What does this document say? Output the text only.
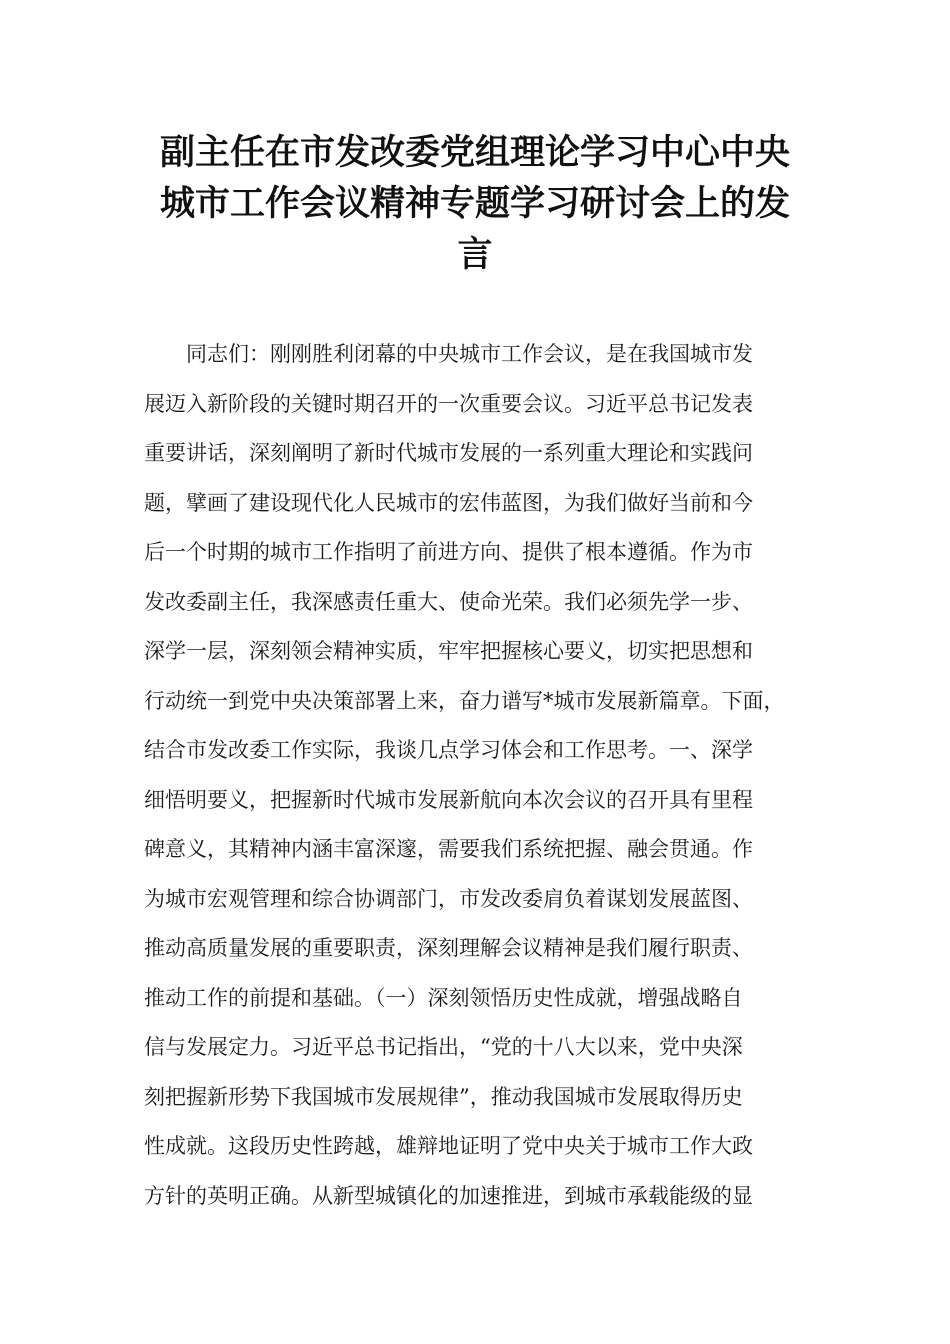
副主任在市发改委党组理论学习中心中央
城市工作会议精神专题学习研讨会上的发
言
　　同志们：刚刚胜利闭幕的中央城市工作会议，是在我国城市发
展迈入新阶段的关键时期召开的一次重要会议。习近平总书记发表
重要讲话，深刻阐明了新时代城市发展的一系列重大理论和实践问
题，擘画了建设现代化人民城市的宏伟蓝图，为我们做好当前和今
后一个时期的城市工作指明了前进方向、提供了根本遵循。作为市
发改委副主任，我深感责任重大、使命光荣。我们必须先学一步、
深学一层，深刻领会精神实质，牢牢把握核心要义，切实把思想和
行动统一到党中央决策部署上来，奋力谱写*城市发展新篇章。下面，
结合市发改委工作实际，我谈几点学习体会和工作思考。一、深学
细悟明要义，把握新时代城市发展新航向本次会议的召开具有里程
碑意义，其精神内涵丰富深邃，需要我们系统把握、融会贯通。作
为城市宏观管理和综合协调部门，市发改委肩负着谋划发展蓝图、
推动高质量发展的重要职责，深刻理解会议精神是我们履行职责、
推动工作的前提和基础。（一）深刻领悟历史性成就，增强战略自
信与发展定力。习近平总书记指出，“党的十八大以来，党中央深
刻把握新形势下我国城市发展规律”，推动我国城市发展取得历史
性成就。这段历史性跨越，雄辩地证明了党中央关于城市工作大政
方针的英明正确。从新型城镇化的加速推进，到城市承载能级的显
